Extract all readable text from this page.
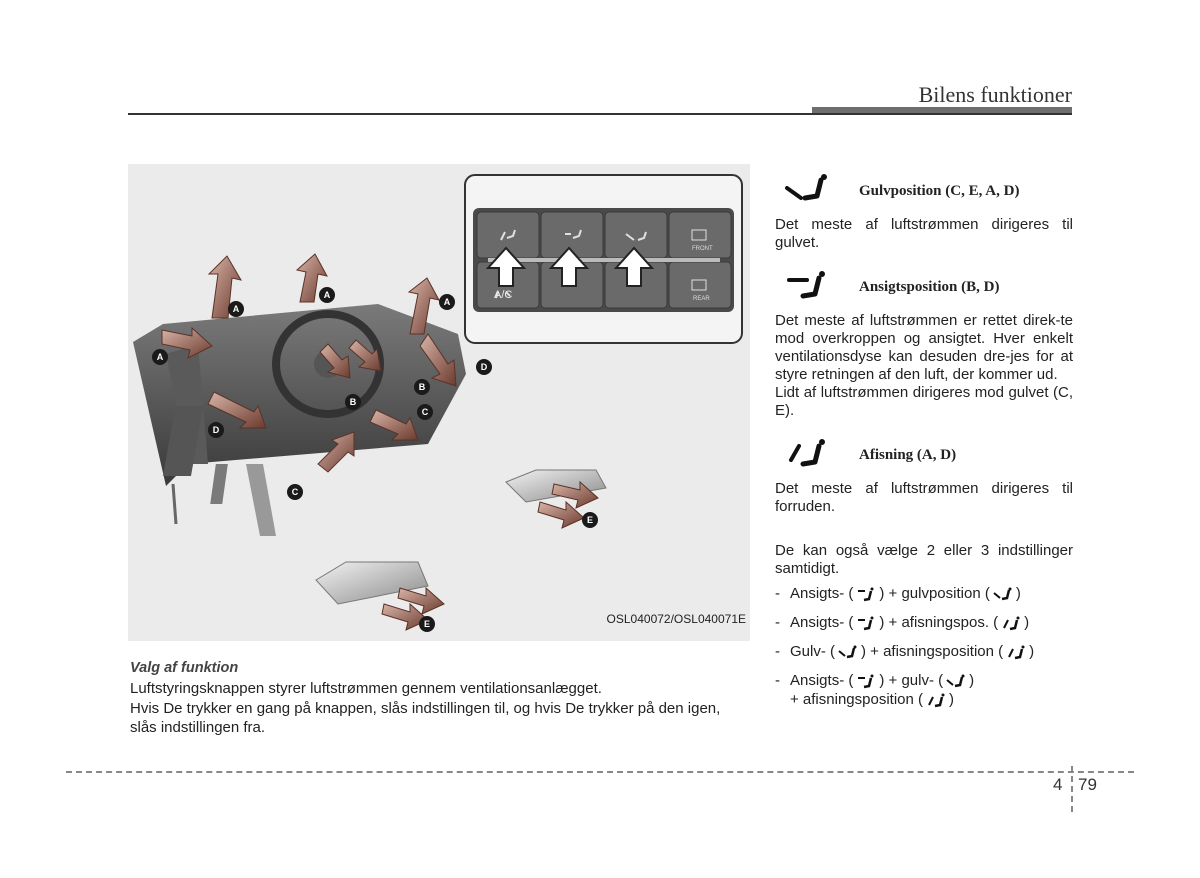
Bilens funktioner
FRONT
REAR
A/C
A
A
A
A
B
B
C
C
D
D
E
E	OSL040072/OSL040071E

Valg af funktion

Luftstyringsknappen styrer luftstrømmen gennem ventilationsanlægget.

Hvis De trykker en gang på knappen, slås indstillingen til, og hvis De trykker på den igen, slås indstillingen fra.

Gulvposition (C, E, A, D)

Det meste af luftstrømmen dirigeres til gulvet.

Ansigtsposition (B, D)

Det meste af luftstrømmen er rettet direk-te mod overkroppen og ansigtet. Hver enkelt ventilationsdyse kan desuden dre-jes for at styre retningen af den luft, der kommer ud.

Lidt af luftstrømmen dirigeres mod gulvet (C, E).

Afisning (A, D)

Det meste af luftstrømmen dirigeres til forruden.

De kan også vælge 2 eller 3 indstillinger samtidigt.

- Ansigts- ( ) + gulvposition ( )
- Ansigts- ( ) + afisningspos. ( )
- Gulv- ( ) + afisningsposition ( )
- Ansigts- ( ) + gulv- ( )
+ afisningsposition ( )
4 79
